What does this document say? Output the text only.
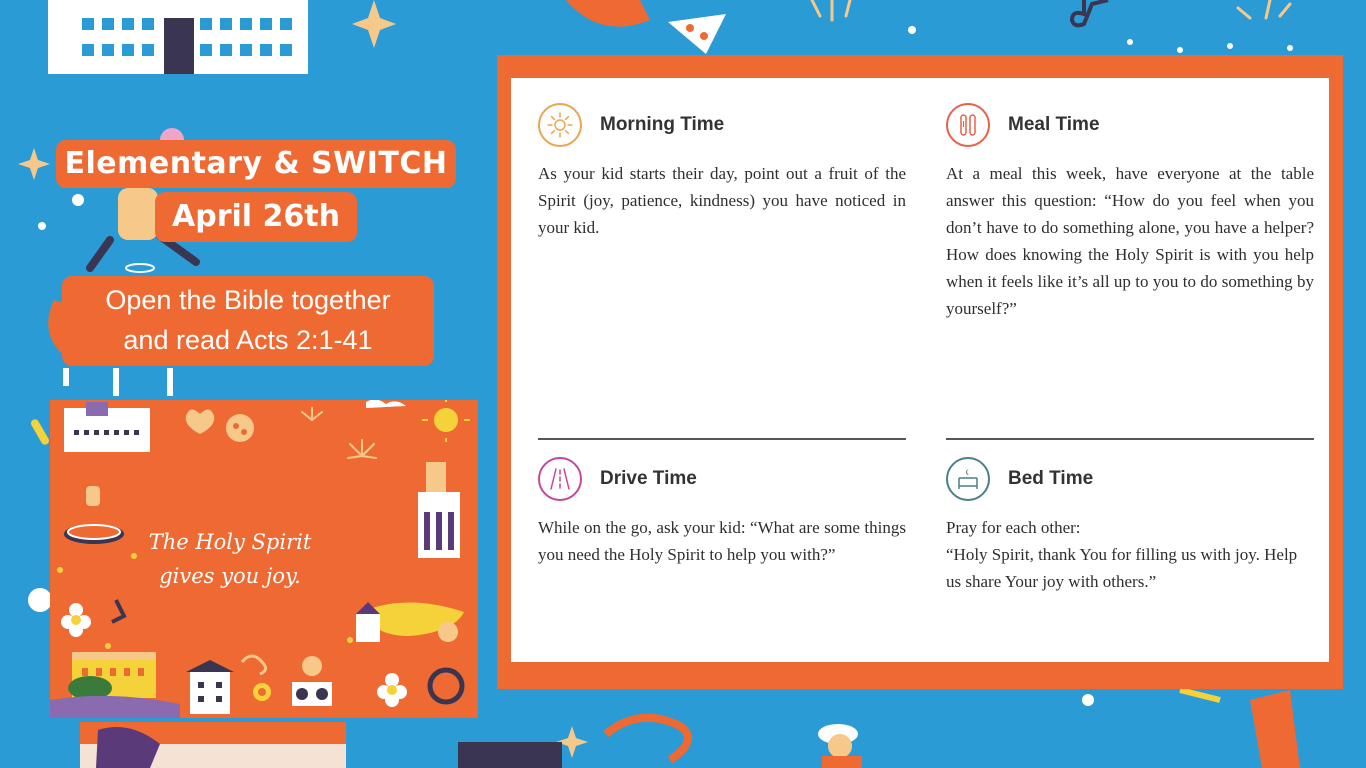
Elementary & SWITCH
April 26th
Open the Bible together
and read Acts 2:1-41
The Holy Spirit
gives you joy.
Morning Time
As your kid starts their day, point out a fruit of the Spirit (joy, patience, kindness) you have noticed in your kid.
Meal Time
At a meal this week, have everyone at the table answer this question: “How do you feel when you don’t have to do something alone, you have a helper? How does knowing the Holy Spirit is with you help when it feels like it’s all up to you to do something by yourself?”
Drive Time
While on the go, ask your kid: “What are some things you need the Holy Spirit to help you with?”
Bed Time
Pray for each other:
“Holy Spirit, thank You for filling us with joy. Help us share Your joy with others.”
